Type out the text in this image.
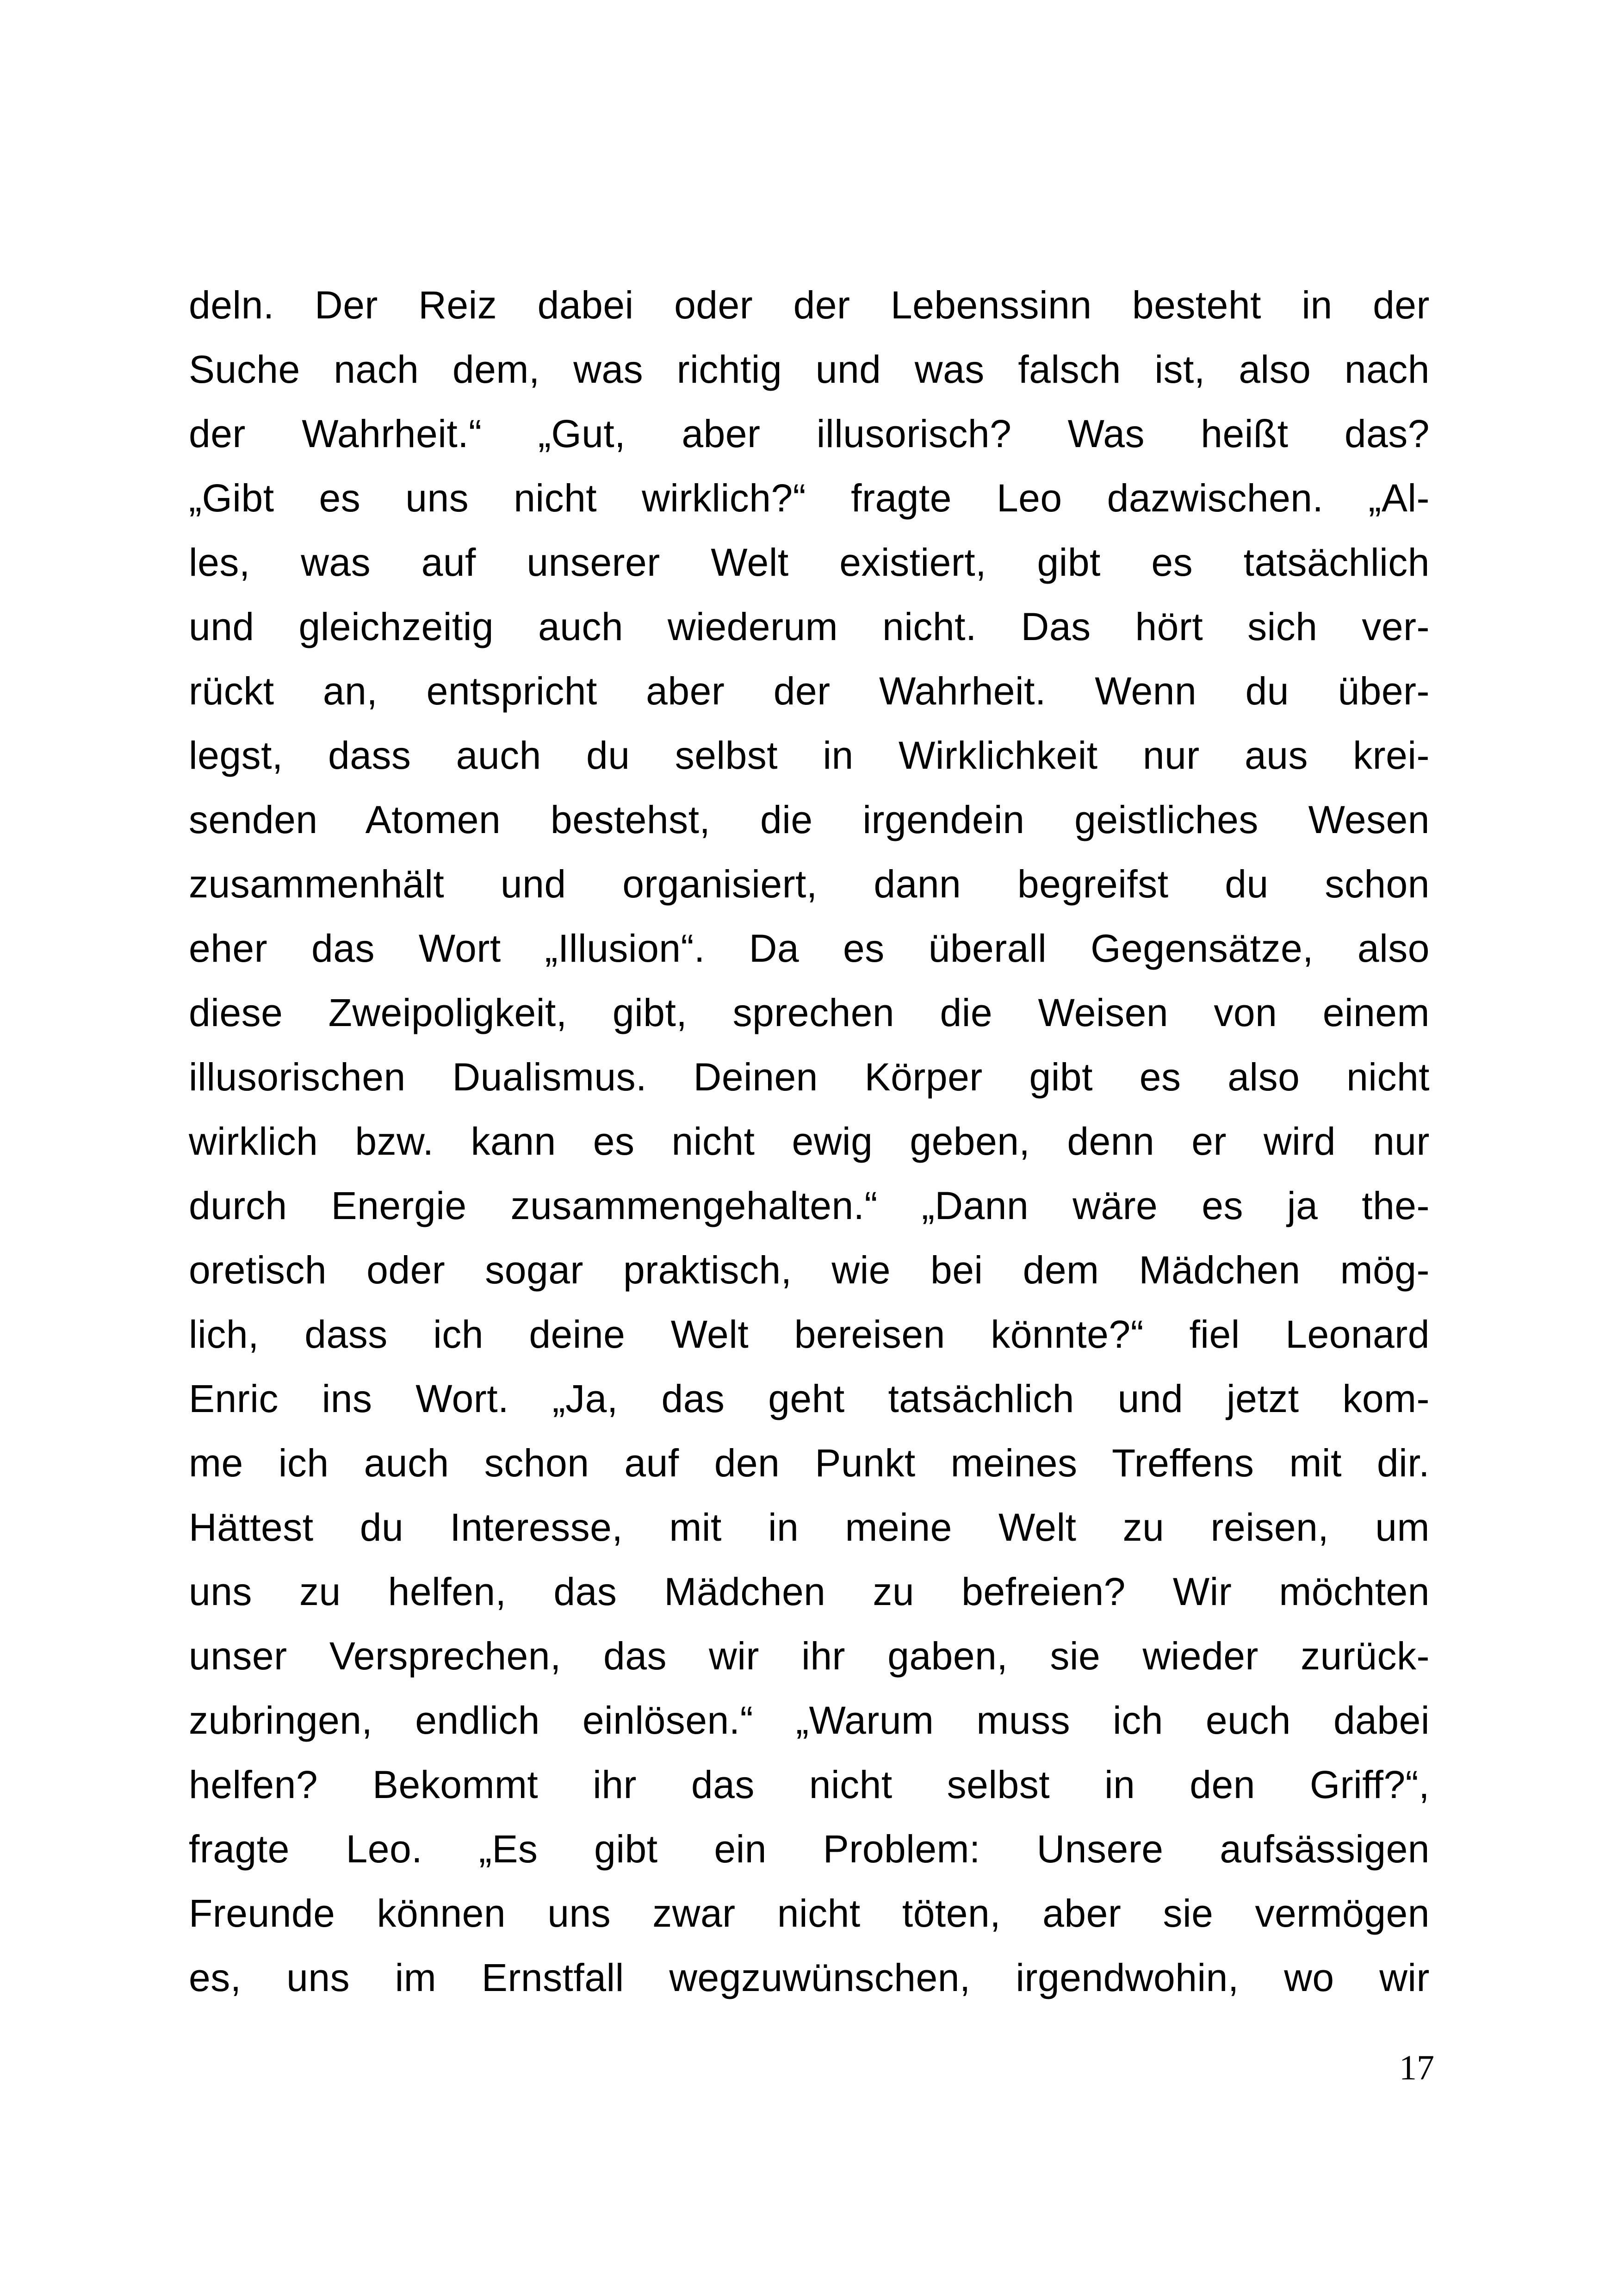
deln. Der Reiz dabei oder der Lebenssinn besteht in der
Suche nach dem, was richtig und was falsch ist, also nach
der Wahrheit.“ „Gut, aber illusorisch? Was heißt das?
„Gibt es uns nicht wirklich?“ fragte Leo dazwischen. „Al-
les, was auf unserer Welt existiert, gibt es tatsächlich
und gleichzeitig auch wiederum nicht. Das hört sich ver-
rückt an, entspricht aber der Wahrheit. Wenn du über-
legst, dass auch du selbst in Wirklichkeit nur aus krei-
senden Atomen bestehst, die irgendein geistliches Wesen
zusammenhält und organisiert, dann begreifst du schon
eher das Wort „Illusion“. Da es überall Gegensätze, also
diese Zweipoligkeit, gibt, sprechen die Weisen von einem
illusorischen Dualismus. Deinen Körper gibt es also nicht
wirklich bzw. kann es nicht ewig geben, denn er wird nur
durch Energie zusammengehalten.“ „Dann wäre es ja the-
oretisch oder sogar praktisch, wie bei dem Mädchen mög-
lich, dass ich deine Welt bereisen könnte?“ fiel Leonard
Enric ins Wort. „Ja, das geht tatsächlich und jetzt kom-
me ich auch schon auf den Punkt meines Treffens mit dir.
Hättest du Interesse, mit in meine Welt zu reisen, um
uns zu helfen, das Mädchen zu befreien? Wir möchten
unser Versprechen, das wir ihr gaben, sie wieder zurück-
zubringen, endlich einlösen.“ „Warum muss ich euch dabei
helfen? Bekommt ihr das nicht selbst in den Griff?“,
fragte Leo. „Es gibt ein Problem: Unsere aufsässigen
Freunde können uns zwar nicht töten, aber sie vermögen
es, uns im Ernstfall wegzuwünschen, irgendwohin, wo wir
17
